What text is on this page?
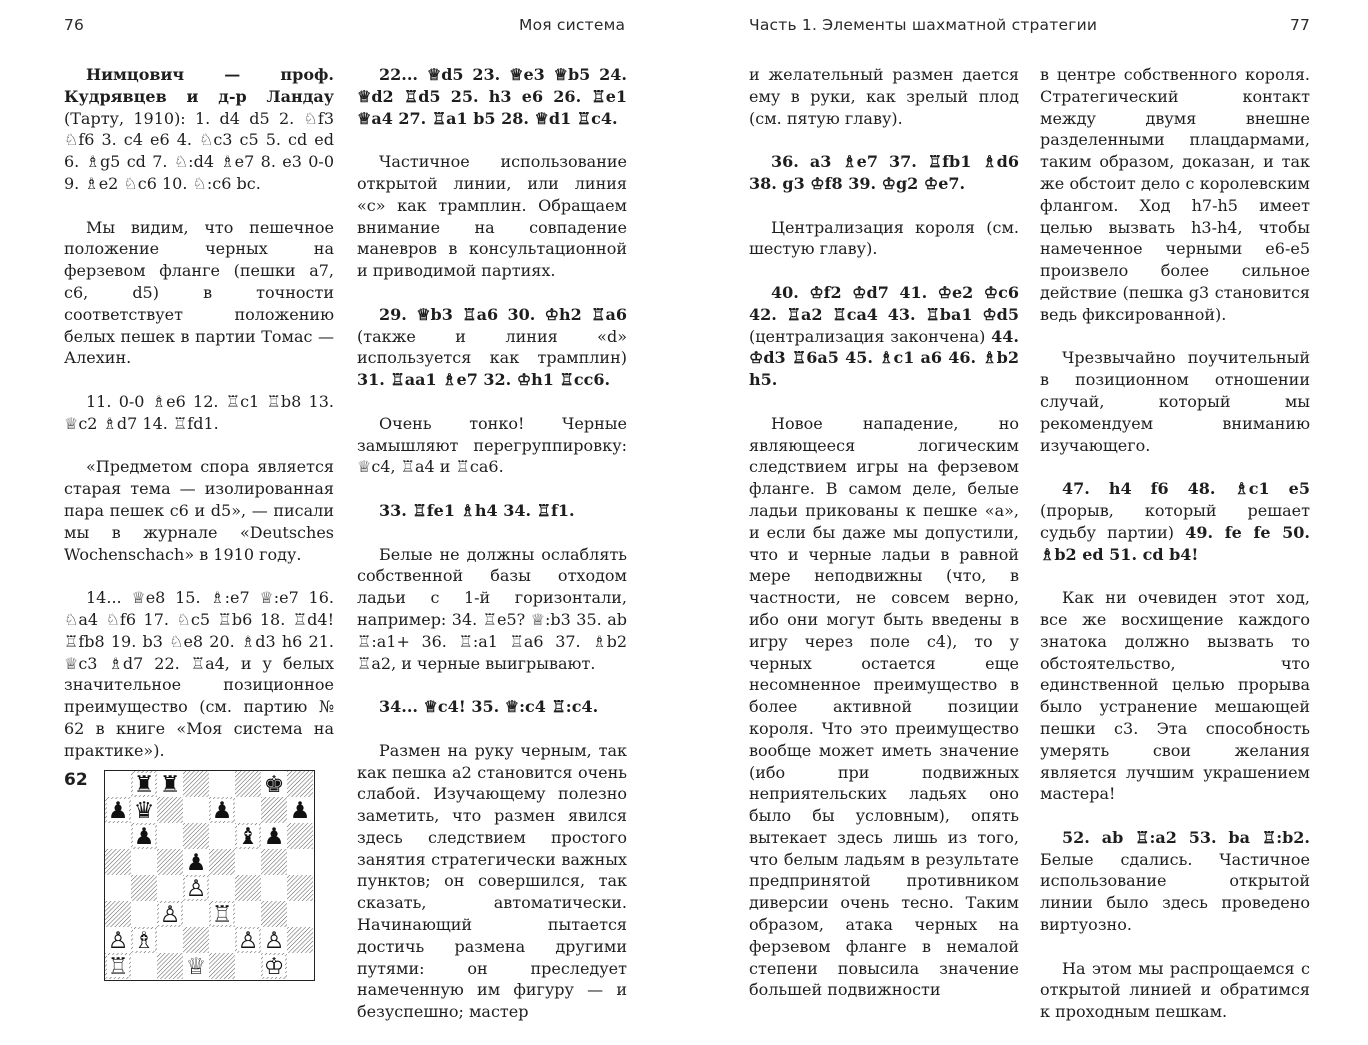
76	Моя система	Часть 1. Элементы шахматной стратегии	77

Нимцович — проф. Кудрявцев и д-р Ландау (Тарту, 1910): 1. d4 d5 2. ♘f3 ♘f6 3. c4 e6 4. ♘c3 c5 5. cd ed 6. ♗g5 cd 7. ♘:d4 ♗e7 8. e3 0-0 9. ♗e2 ♘c6 10. ♘:c6 bc.

Мы видим, что пешечное положение черных на ферзевом фланге (пешки a7, c6, d5) в точности соответствует положению белых пешек в партии Томас — Алехин.

11. 0-0 ♗e6 12. ♖c1 ♖b8 13. ♕c2 ♗d7 14. ♖fd1.

«Предметом спора является старая тема — изолированная пара пешек c6 и d5», — писали мы в журнале «Deutsches Wochenschach» в 1910 году.

14... ♕e8 15. ♗:e7 ♕:e7 16. ♘a4 ♘f6 17. ♘c5 ♖b6 18. ♖d4! ♖fb8 19. b3 ♘e8 20. ♗d3 h6 21. ♕c3 ♗d7 22. ♖a4, и у белых значительное позиционное преимущество (см. партию № 62 в книге «Моя система на практике»).

62 ♜ ♜	♚
♟ ♛ ♟ ♟
♟	♝ ♟
♟
♙
♙ ♖
♙ ♗	♙ ♙
♖ ♕ ♔

22... ♕d5 23. ♕e3 ♕b5 24. ♕d2 ♖d5 25. h3 e6 26. ♖e1 ♕a4 27. ♖a1 b5 28. ♕d1 ♖c4.

Частичное использование открытой линии, или линия «с» как трамплин. Обращаем внимание на совпадение маневров в консультационной и приводимой партиях.

29. ♕b3 ♖a6 30. ♔h2 ♖a6 (также и линия «d» используется как трамплин) 31. ♖aa1 ♗e7 32. ♔h1 ♖cc6.

Очень тонко! Черные замышляют перегруппировку: ♕c4, ♖a4 и ♖ca6.

33. ♖fe1 ♗h4 34. ♖f1.

Белые не должны ослаблять собственной базы отходом ладьи с 1-й горизонтали, например: 34. ♖e5? ♕:b3 35. ab ♖:a1+ 36. ♖:a1 ♖a6 37. ♗b2 ♖a2, и черные выигрывают.

34... ♕c4! 35. ♕:c4 ♖:c4.

Размен на руку черным, так как пешка a2 становится очень слабой. Изучающему полезно заметить, что размен явился здесь следствием простого занятия стратегически важных пунктов; он совершился, так сказать, автоматически. Начинающий пытается достичь размена другими путями: он преследует намеченную им фигуру — и безуспешно; мастер

и желательный размен дается ему в руки, как зрелый плод (см. пятую главу).

36. a3 ♗e7 37. ♖fb1 ♗d6 38. g3 ♔f8 39. ♔g2 ♔e7.

Централизация короля (см. шестую главу).

40. ♔f2 ♔d7 41. ♔e2 ♔c6 42. ♖a2 ♖ca4 43. ♖ba1 ♔d5 (централизация закончена) 44. ♔d3 ♖6a5 45. ♗c1 a6 46. ♗b2 h5.

Новое нападение, но являющееся логическим следствием игры на ферзевом фланге. В самом деле, белые ладьи прикованы к пешке «а», и если бы даже мы допустили, что и черные ладьи в равной мере неподвижны (что, в частности, не совсем верно, ибо они могут быть введены в игру через поле с4), то у черных остается еще несомненное преимущество в более активной позиции короля. Что это преимущество вообще может иметь значение (ибо при подвижных неприятельских ладьях оно было бы условным), опять вытекает здесь лишь из того, что белым ладьям в результате предпринятой противником диверсии очень тесно. Таким образом, атака черных на ферзевом фланге в немалой степени повысила значение большей подвижности

в центре собственного короля. Стратегический контакт между двумя внешне разделенными плацдармами, таким образом, доказан, и так же обстоит дело с королевским флангом. Ход h7-h5 имеет целью вызвать h3-h4, чтобы намеченное черными e6-e5 произвело более сильное действие (пешка g3 становится ведь фиксированной).

Чрезвычайно поучительный в позиционном отношении случай, который мы рекомендуем вниманию изучающего.

47. h4 f6 48. ♗c1 e5 (прорыв, который решает судьбу партии) 49. fe fe 50. ♗b2 ed 51. cd b4!

Как ни очевиден этот ход, все же восхищение каждого знатока должно вызвать то обстоятельство, что единственной целью прорыва было устранение мешающей пешки c3. Эта способность умерять свои желания является лучшим украшением мастера!

52. ab ♖:a2 53. ba ♖:b2. Белые сдались. Частичное использование открытой линии было здесь проведено виртуозно.

На этом мы распрощаемся с открытой линией и обратимся к проходным пешкам.
